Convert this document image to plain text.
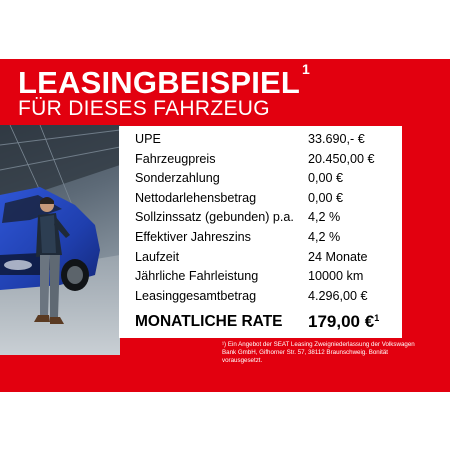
LEASINGBEISPIEL $^1$
FÜR DIESES FAHRZEUG
UPE	33.690,- €
Fahrzeugpreis	20.450,00 €
Sonderzahlung	0,00 €
Nettodarlehensbetrag	0,00 €
Sollzinssatz (gebunden) p.a. 4,2 %
Effektiver Jahreszins	4,2 %
Laufzeit	24 Monate
Jährliche Fahrleistung	10000 km
Leasinggesamtbetrag	4.296,00 €
MONATLICHE RATE 179,00 €$^1$
¹) Ein Angebot der SEAT Leasing Zweigniederlassung der Volkswagen Bank GmbH, Gifhorner Str. 57, 38112 Braunschweig. Bonität vorausgesetzt.
